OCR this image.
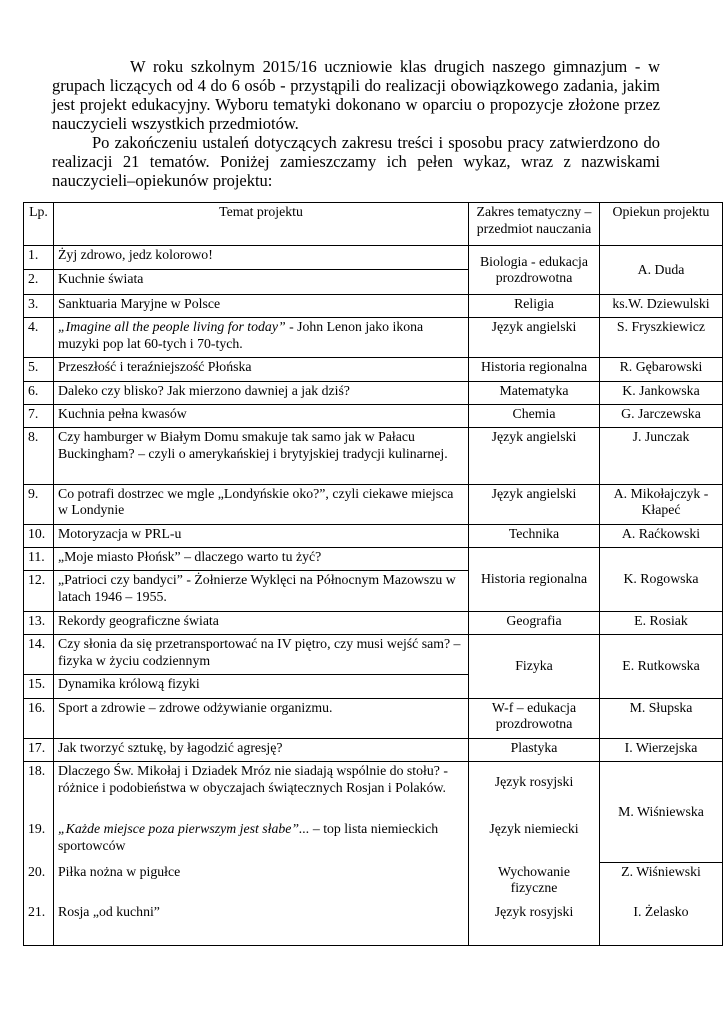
W roku szkolnym 2015/16 uczniowie klas drugich naszego gimnazjum - w grupach liczących od 4 do 6 osób - przystąpili do realizacji obowiązkowego zadania, jakim jest projekt edukacyjny. Wyboru tematyki dokonano w oparciu o propozycje złożone przez nauczycieli wszystkich przedmiotów.

Po zakończeniu ustaleń dotyczących zakresu treści i sposobu pracy zatwierdzono do realizacji 21 tematów. Poniżej zamieszczamy ich pełen wykaz, wraz z nazwiskami nauczycieli–opiekunów projektu:

Lp.	Temat projektu	Zakres tematyczny – przedmiot nauczania	Opiekun projektu
1.	Żyj zdrowo, jedz kolorowo!	Biologia - edukacja prozdrowotna	A. Duda
2.	Kuchnie świata		
3.	Sanktuaria Maryjne w Polsce	Religia	ks.W. Dziewulski
4.	„Imagine all the people living for today” - John Lenon jako ikona muzyki pop lat 60-tych i 70-tych.	Język angielski	S. Fryszkiewicz
5.	Przeszłość i teraźniejszość Płońska	Historia regionalna	R. Gębarowski
6.	Daleko czy blisko? Jak mierzono dawniej a jak dziś?	Matematyka	K. Jankowska
7.	Kuchnia pełna kwasów	Chemia	G. Jarczewska
8.	Czy hamburger w Białym Domu smakuje tak samo jak w Pałacu Buckingham? – czyli o amerykańskiej i brytyjskiej tradycji kulinarnej.	Język angielski	J. Junczak
9.	Co potrafi dostrzec we mgle „Londyńskie oko?”, czyli ciekawe miejsca w Londynie	Język angielski	A. Mikołajczyk - Kłapeć
10.	Motoryzacja w PRL-u	Technika	A. Raćkowski
11.	„Moje miasto Płońsk” – dlaczego warto tu żyć?	Historia regionalna	K. Rogowska
12.	„Patrioci czy bandyci” - Żołnierze Wyklęci na Północnym Mazowszu w latach 1946 – 1955.		
13.	Rekordy geograficzne świata	Geografia	E. Rosiak
14.	Czy słonia da się przetransportować na IV piętro, czy musi wejść sam? – fizyka w życiu codziennym	Fizyka	E. Rutkowska
15.	Dynamika królową fizyki		
16.	Sport a zdrowie – zdrowe odżywianie organizmu.	W-f – edukacja prozdrowotna	M. Słupska
17.	Jak tworzyć sztukę, by łagodzić agresję?	Plastyka	I. Wierzejska
18.	Dlaczego Św. Mikołaj i Dziadek Mróz nie siadają wspólnie do stołu? - różnice i podobieństwa w obyczajach świątecznych Rosjan i Polaków.	Język rosyjski	M. Wiśniewska
19.	„Każde miejsce poza pierwszym jest słabe”... – top lista niemieckich sportowców	Język niemiecki	
20.	Piłka nożna w pigułce	Wychowanie fizyczne	Z. Wiśniewski
21.	Rosja „od kuchni”	Język rosyjski	I. Żelasko
